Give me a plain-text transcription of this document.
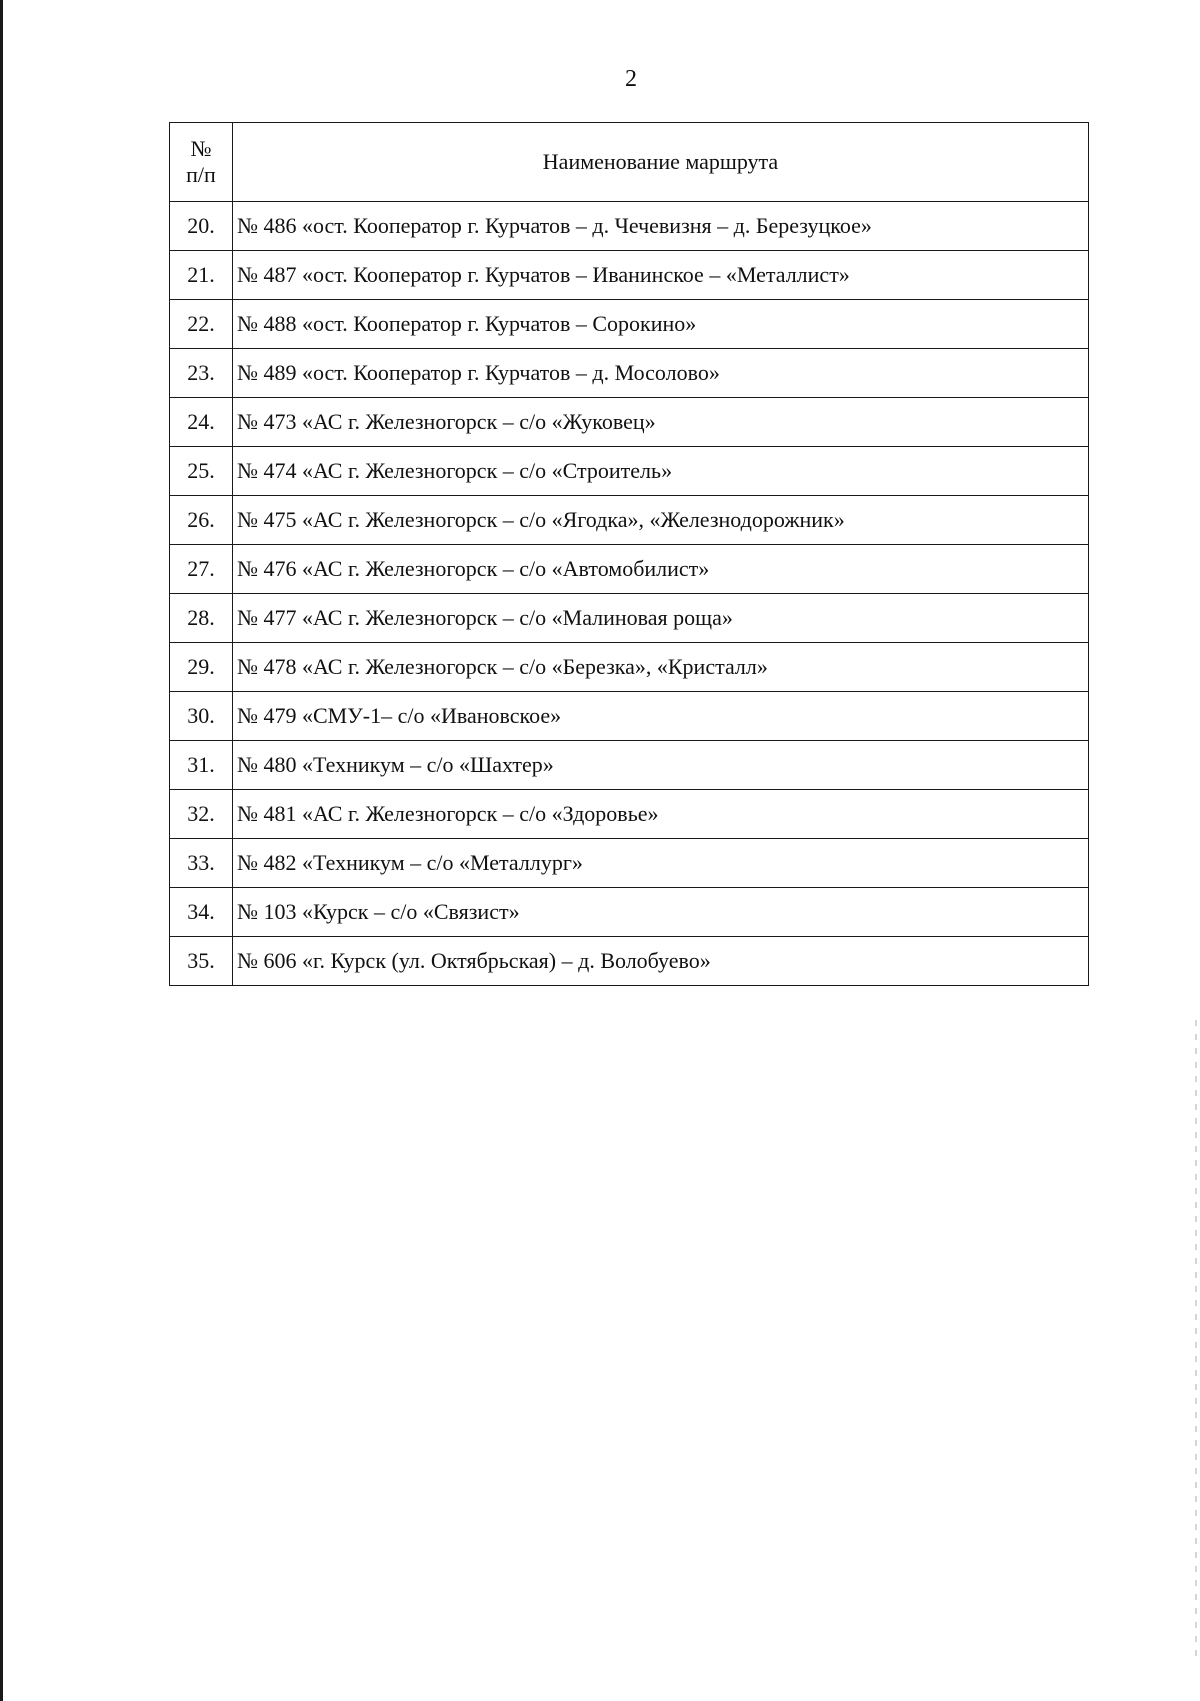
2
№
п/п	Наименование маршрута
20.	№ 486 «ост. Кооператор г. Курчатов – д. Чечевизня – д. Березуцкое»
21.	№ 487 «ост. Кооператор г. Курчатов – Иванинское – «Металлист»
22.	№ 488 «ост. Кооператор г. Курчатов – Сорокино»
23.	№ 489 «ост. Кооператор г. Курчатов – д. Мосолово»
24.	№ 473 «АС г. Железногорск – с/о «Жуковец»
25.	№ 474 «АС г. Железногорск – с/о «Строитель»
26.	№ 475 «АС г. Железногорск – с/о «Ягодка», «Железнодорожник»
27.	№ 476 «АС г. Железногорск – с/о «Автомобилист»
28.	№ 477 «АС г. Железногорск – с/о «Малиновая роща»
29.	№ 478 «АС г. Железногорск – с/о «Березка», «Кристалл»
30.	№ 479 «СМУ-1– с/о «Ивановское»
31.	№ 480 «Техникум – с/о «Шахтер»
32.	№ 481 «АС г. Железногорск – с/о «Здоровье»
33.	№ 482 «Техникум – с/о «Металлург»
34.	№ 103 «Курск – с/о «Связист»
35.	№ 606 «г. Курск (ул. Октябрьская) – д. Волобуево»
